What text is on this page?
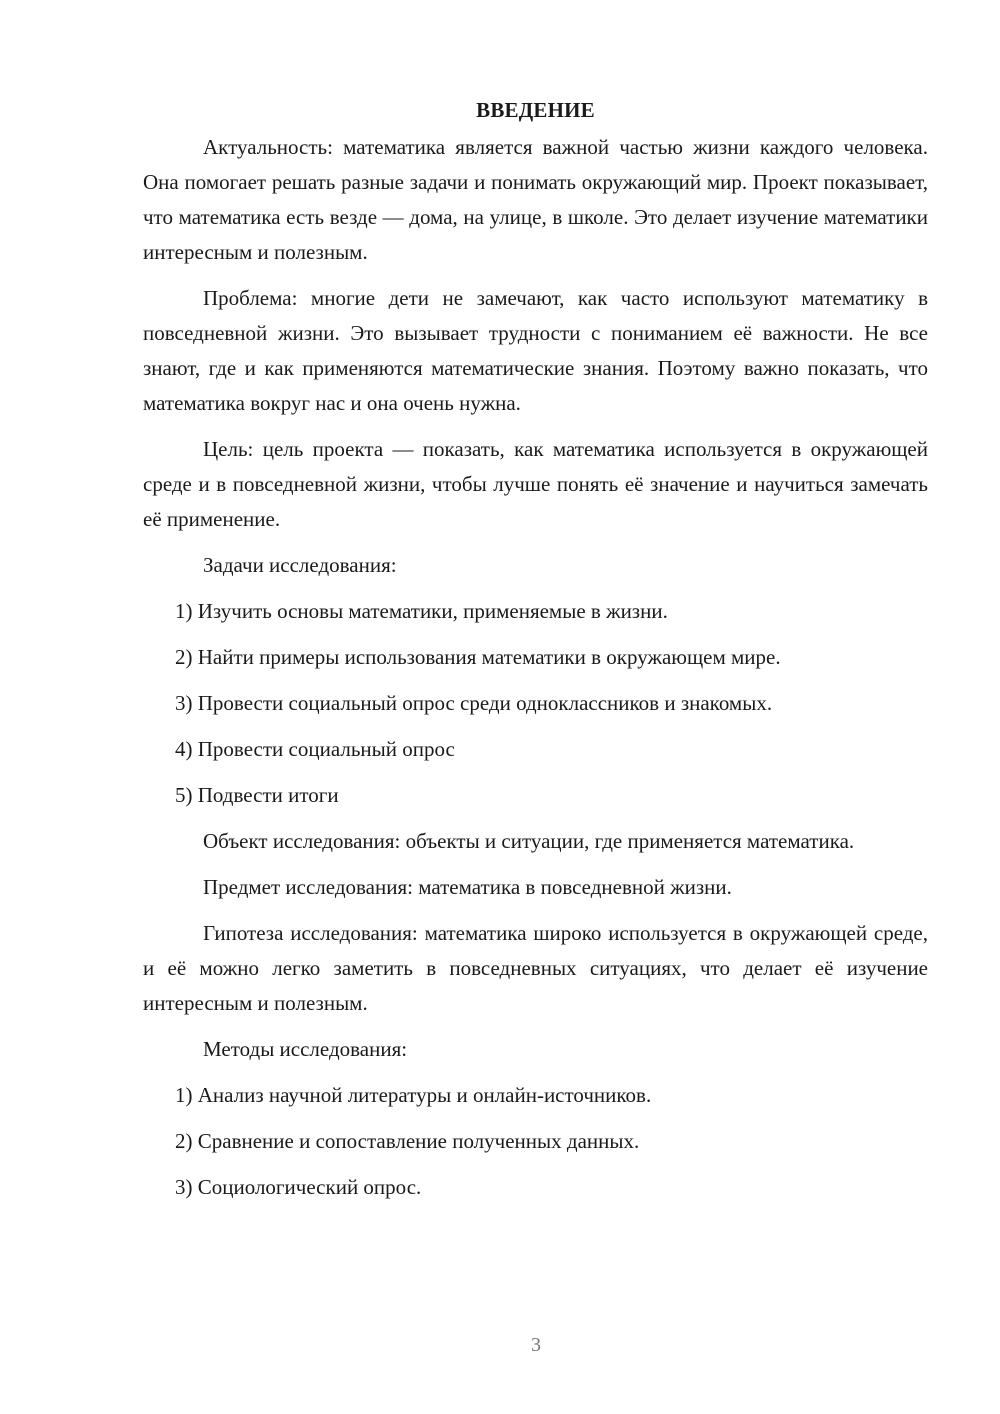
ВВЕДЕНИЕ

Актуальность: математика является важной частью жизни каждого человека. Она помогает решать разные задачи и понимать окружающий мир. Проект показывает, что математика есть везде — дома, на улице, в школе. Это делает изучение математики интересным и полезным.

Проблема: многие дети не замечают, как часто используют математику в повседневной жизни. Это вызывает трудности с пониманием её важности. Не все знают, где и как применяются математические знания. Поэтому важно показать, что математика вокруг нас и она очень нужна.

Цель: цель проекта — показать, как математика используется в окружающей среде и в повседневной жизни, чтобы лучше понять её значение и научиться замечать её применение.

Задачи исследования:

1) Изучить основы математики, применяемые в жизни.
2) Найти примеры использования математики в окружающем мире.
3) Провести социальный опрос среди одноклассников и знакомых.
4) Провести социальный опрос
5) Подвести итоги

Объект исследования: объекты и ситуации, где применяется математика.

Предмет исследования: математика в повседневной жизни.

Гипотеза исследования: математика широко используется в окружающей среде, и её можно легко заметить в повседневных ситуациях, что делает её изучение интересным и полезным.

Методы исследования:

1) Анализ научной литературы и онлайн-источников.
2) Сравнение и сопоставление полученных данных.
3) Социологический опрос.
3
